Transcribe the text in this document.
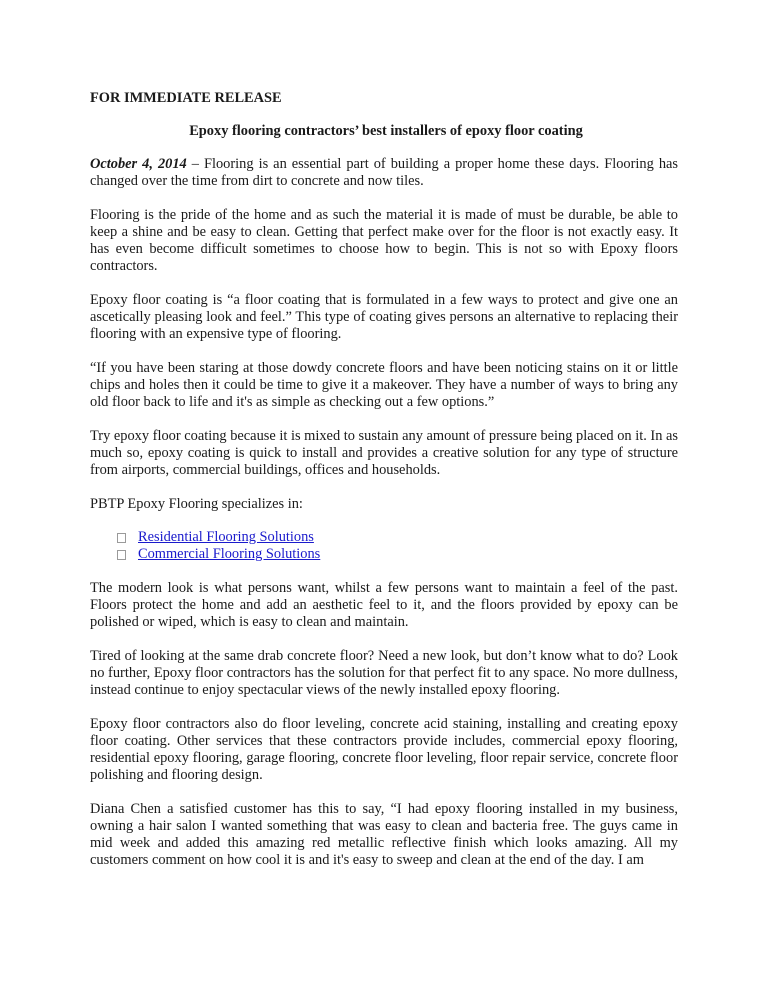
FOR IMMEDIATE RELEASE
Epoxy flooring contractors’ best installers of epoxy floor coating

October 4, 2014 – Flooring is an essential part of building a proper home these days. Flooring has changed over the time from dirt to concrete and now tiles.

Flooring is the pride of the home and as such the material it is made of must be durable, be able to keep a shine and be easy to clean. Getting that perfect make over for the floor is not exactly easy. It has even become difficult sometimes to choose how to begin. This is not so with Epoxy floors contractors.

Epoxy floor coating is “a floor coating that is formulated in a few ways to protect and give one an ascetically pleasing look and feel.” This type of coating gives persons an alternative to replacing their flooring with an expensive type of flooring.

“If you have been staring at those dowdy concrete floors and have been noticing stains on it or little chips and holes then it could be time to give it a makeover. They have a number of ways to bring any old floor back to life and it's as simple as checking out a few options.”

Try epoxy floor coating because it is mixed to sustain any amount of pressure being placed on it. In as much so, epoxy coating is quick to install and provides a creative solution for any type of structure from airports, commercial buildings, offices and households.

PBTP Epoxy Flooring specializes in:

Residential Flooring Solutions
Commercial Flooring Solutions

The modern look is what persons want, whilst a few persons want to maintain a feel of the past. Floors protect the home and add an aesthetic feel to it, and the floors provided by epoxy can be polished or wiped, which is easy to clean and maintain.

Tired of looking at the same drab concrete floor? Need a new look, but don’t know what to do? Look no further, Epoxy floor contractors has the solution for that perfect fit to any space. No more dullness, instead continue to enjoy spectacular views of the newly installed epoxy flooring.

Epoxy floor contractors also do floor leveling, concrete acid staining, installing and creating epoxy floor coating. Other services that these contractors provide includes, commercial epoxy flooring, residential epoxy flooring, garage flooring, concrete floor leveling, floor repair service, concrete floor polishing and flooring design.

Diana Chen a satisfied customer has this to say, “I had epoxy flooring installed in my business, owning a hair salon I wanted something that was easy to clean and bacteria free. The guys came in mid week and added this amazing red metallic reflective finish which looks amazing. All my customers comment on how cool it is and it's easy to sweep and clean at the end of the day. I am
